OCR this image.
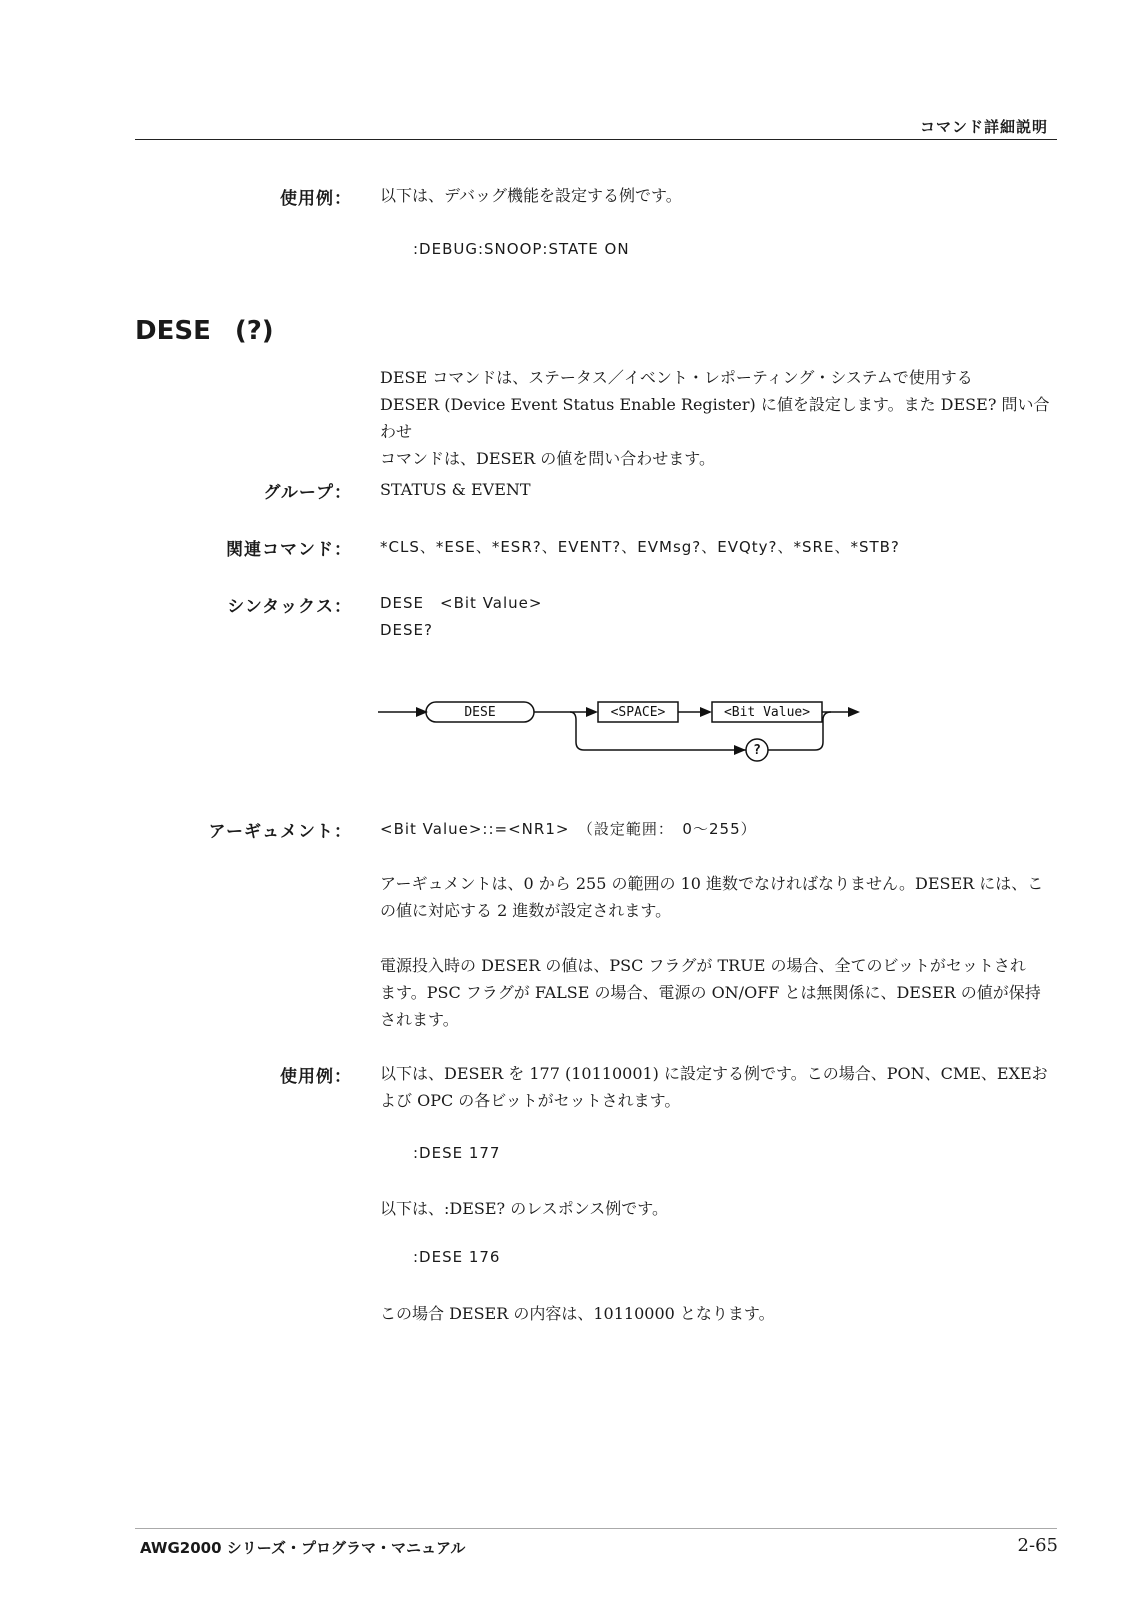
コマンド詳細説明
使用例： 以下は、デバッグ機能を設定する例です。
:DEBUG:SNOOP:STATE ON
DESE (?)

DESE コマンドは、ステータス／イベント・レポーティング・システムで使用する

DESER (Device Event Status Enable Register) に値を設定します。また DESE? 問い合わせ

コマンドは、DESER の値を問い合わせます。

グループ： STATUS & EVENT
関連コマンド： *CLS、*ESE、*ESR?、EVENT?、EVMsg?、EVQty?、*SRE、*STB?
シンタックス： DESE　<Bit Value>

DESE?

DESE	<SPACE>	<Bit Value>
?
アーギュメント： <Bit Value>::=<NR1>　（設定範囲：　0～255）

アーギュメントは、0 から 255 の範囲の 10 進数でなければなりません。DESER には、こ

の値に対応する 2 進数が設定されます。

電源投入時の DESER の値は、PSC フラグが TRUE の場合、全てのビットがセットされ

ます。PSC フラグが FALSE の場合、電源の ON/OFF とは無関係に、DESER の値が保持

されます。

使用例： 以下は、DESER を 177 (10110001) に設定する例です。この場合、PON、CME、EXEお

よび OPC の各ビットがセットされます。

:DESE 177
以下は、:DESE? のレスポンス例です。
:DESE 176
この場合 DESER の内容は、10110000 となります。
AWG2000 シリーズ・プログラマ・マニュアル	2-65
